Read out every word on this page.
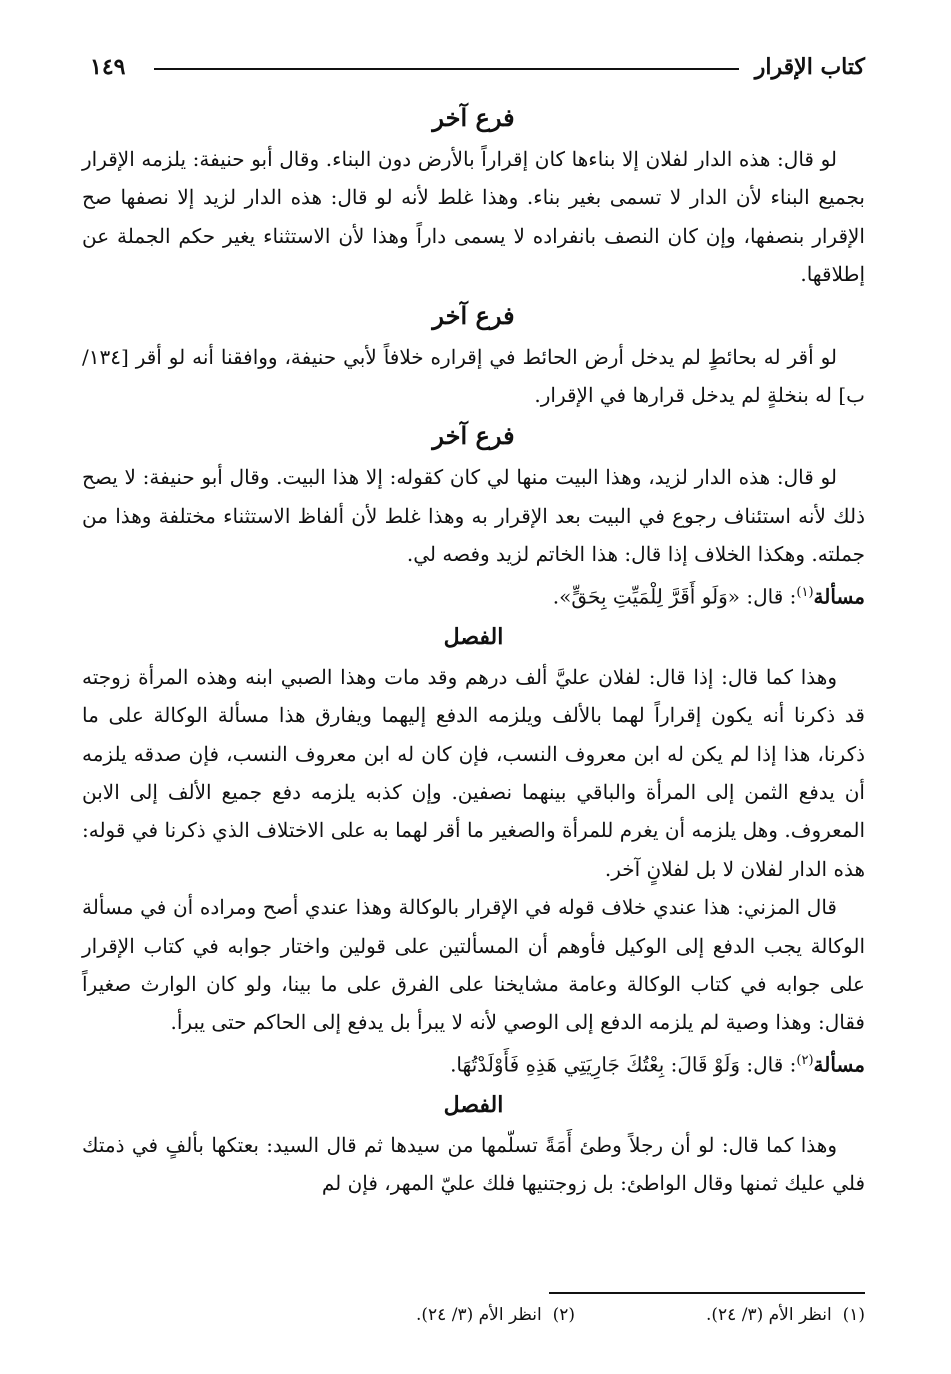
كتاب الإقرار
١٤٩
فرع آخر

لو قال: هذه الدار لفلان إلا بناءها كان إقراراً بالأرض دون البناء. وقال أبو حنيفة: يلزمه الإقرار بجميع البناء لأن الدار لا تسمى بغير بناء. وهذا غلط لأنه لو قال: هذه الدار لزيد إلا نصفها صح الإقرار بنصفها، وإن كان النصف بانفراده لا يسمى داراً وهذا لأن الاستثناء يغير حكم الجملة عن إطلاقها.

فرع آخر

لو أقر له بحائطٍ لم يدخل أرض الحائط في إقراره خلافاً لأبي حنيفة، ووافقنا أنه لو أقر [١٣٤/ب] له بنخلةٍ لم يدخل قرارها في الإقرار.

فرع آخر

لو قال: هذه الدار لزيد، وهذا البيت منها لي كان كقوله: إلا هذا البيت. وقال أبو حنيفة: لا يصح ذلك لأنه استئناف رجوع في البيت بعد الإقرار به وهذا غلط لأن ألفاظ الاستثناء مختلفة وهذا من جملته. وهكذا الخلاف إذا قال: هذا الخاتم لزيد وفصه لي.

مسألة$^{(١)}$: قال: «وَلَو أَقَرَّ لِلْمَيِّتِ بِحَقٍّ».

الفصل

وهذا كما قال: إذا قال: لفلان عليَّ ألف درهم وقد مات وهذا الصبي ابنه وهذه المرأة زوجته قد ذكرنا أنه يكون إقراراً لهما بالألف ويلزمه الدفع إليهما ويفارق هذا مسألة الوكالة على ما ذكرنا، هذا إذا لم يكن له ابن معروف النسب، فإن كان له ابن معروف النسب، فإن صدقه يلزمه أن يدفع الثمن إلى المرأة والباقي بينهما نصفين. وإن كذبه يلزمه دفع جميع الألف إلى الابن المعروف. وهل يلزمه أن يغرم للمرأة والصغير ما أقر لهما به على الاختلاف الذي ذكرنا في قوله: هذه الدار لفلان لا بل لفلانٍ آخر.

قال المزني: هذا عندي خلاف قوله في الإقرار بالوكالة وهذا عندي أصح ومراده أن في مسألة الوكالة يجب الدفع إلى الوكيل فأوهم أن المسألتين على قولين واختار جوابه في كتاب الإقرار على جوابه في كتاب الوكالة وعامة مشايخنا على الفرق على ما بينا، ولو كان الوارث صغيراً فقال: وهذا وصية لم يلزمه الدفع إلى الوصي لأنه لا يبرأ بل يدفع إلى الحاكم حتى يبرأ.

مسألة$^{(٢)}$: قال: وَلَوْ قَالَ: بِعْتُكَ جَارِيَتِي هَذِهِ فَأَوْلَدْتُهَا.

الفصل

وهذا كما قال: لو أن رجلاً وطئ أَمَةً تسلّمها من سيدها ثم قال السيد: بعتكها بألفٍ في ذمتك فلي عليك ثمنها وقال الواطئ: بل زوجتنيها فلك عليّ المهر، فإن لم

(١)  انظر الأم (٣/ ٢٤).
(٢)  انظر الأم (٣/ ٢٤).
